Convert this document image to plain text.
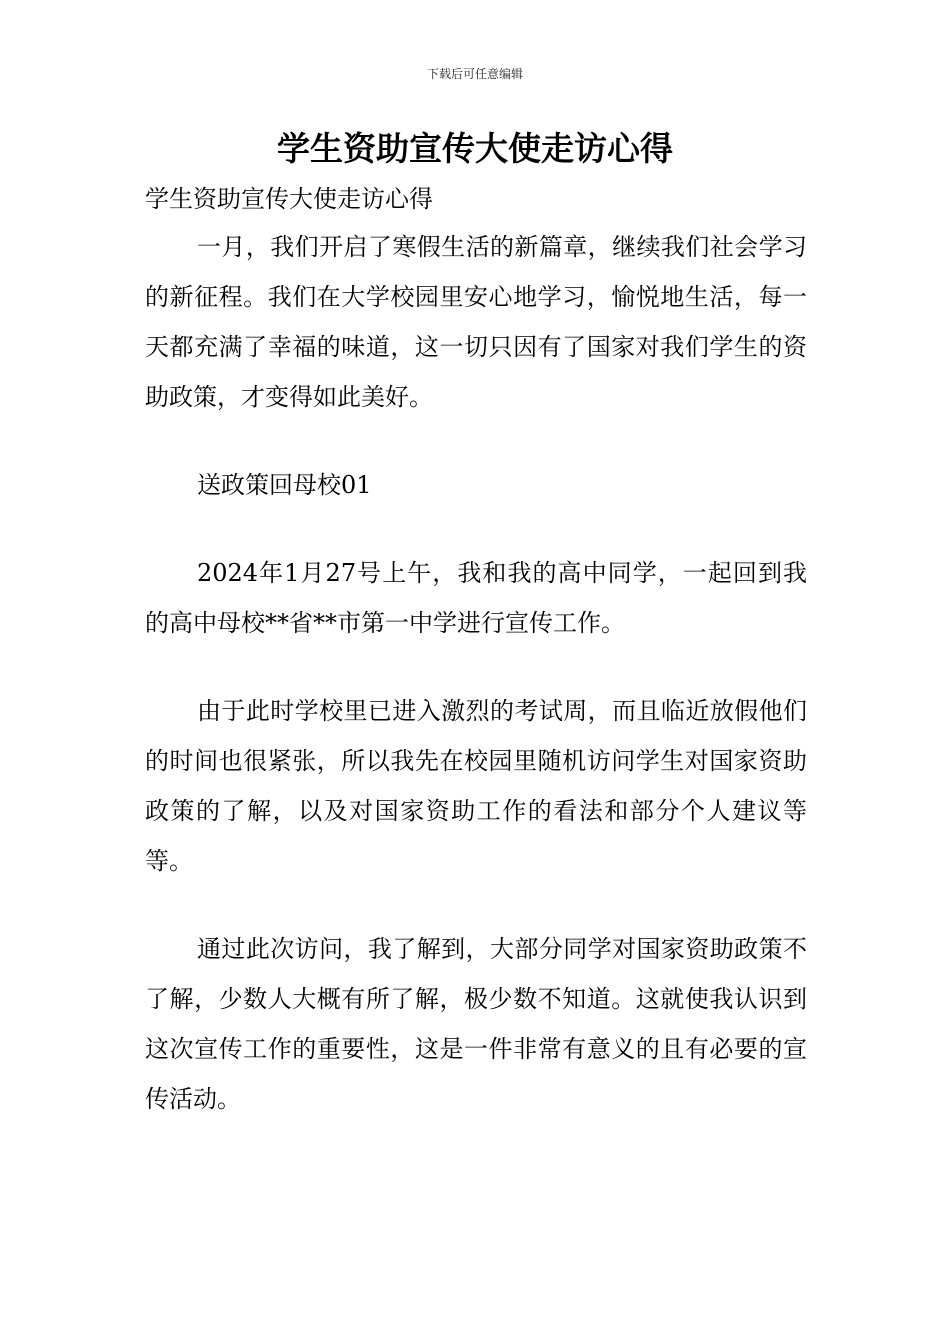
下载后可任意编辑
学生资助宣传大使走访心得

学生资助宣传大使走访心得

一月，我们开启了寒假生活的新篇章，继续我们社会学习的新征程。我们在大学校园里安心地学习，愉悦地生活，每一天都充满了幸福的味道，这一切只因有了国家对我们学生的资助政策，才变得如此美好。

送政策回母校01

2024年1月27号上午，我和我的高中同学，一起回到我的高中母校**省**市第一中学进行宣传工作。

由于此时学校里已进入激烈的考试周，而且临近放假他们的时间也很紧张，所以我先在校园里随机访问学生对国家资助政策的了解，以及对国家资助工作的看法和部分个人建议等等。

通过此次访问，我了解到，大部分同学对国家资助政策不了解，少数人大概有所了解，极少数不知道。这就使我认识到这次宣传工作的重要性，这是一件非常有意义的且有必要的宣传活动。
